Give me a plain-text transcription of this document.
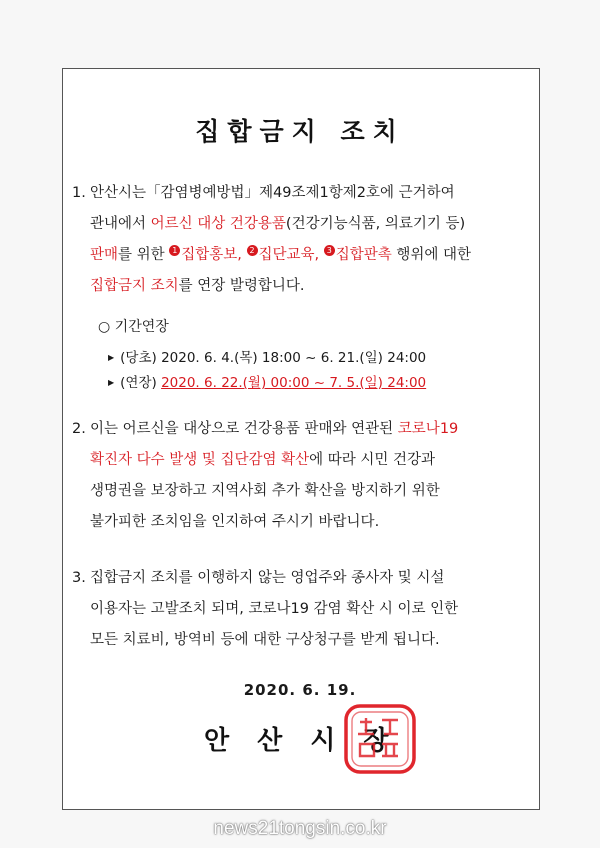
집합금지 조치
1. 안산시는「감염병예방법」제49조제1항제2호에 근거하여
관내에서 어르신 대상 건강용품(건강기능식품, 의료기기 등)
판매를 위한 1 집합홍보, 2 집단교육, 3 집합판촉 행위에 대한
집합금지 조치를 연장 발령합니다.
○ 기간연장
▶ (당초) 2020. 6. 4.(목) 18:00 ~ 6. 21.(일) 24:00
▶ (연장) 2020. 6. 22.(월) 00:00 ~ 7. 5.(일) 24:00
2. 이는 어르신을 대상으로 건강용품 판매와 연관된 코로나19
확진자 다수 발생 및 집단감염 확산에 따라 시민 건강과
생명권을 보장하고 지역사회 추가 확산을 방지하기 위한
불가피한 조치임을 인지하여 주시기 바랍니다.
3. 집합금지 조치를 이행하지 않는 영업주와 종사자 및 시설
이용자는 고발조치 되며, 코로나19 감염 확산 시 이로 인한
모든 치료비, 방역비 등에 대한 구상청구를 받게 됩니다.
2020. 6. 19.
안산시장
news21tongsin.co.kr
